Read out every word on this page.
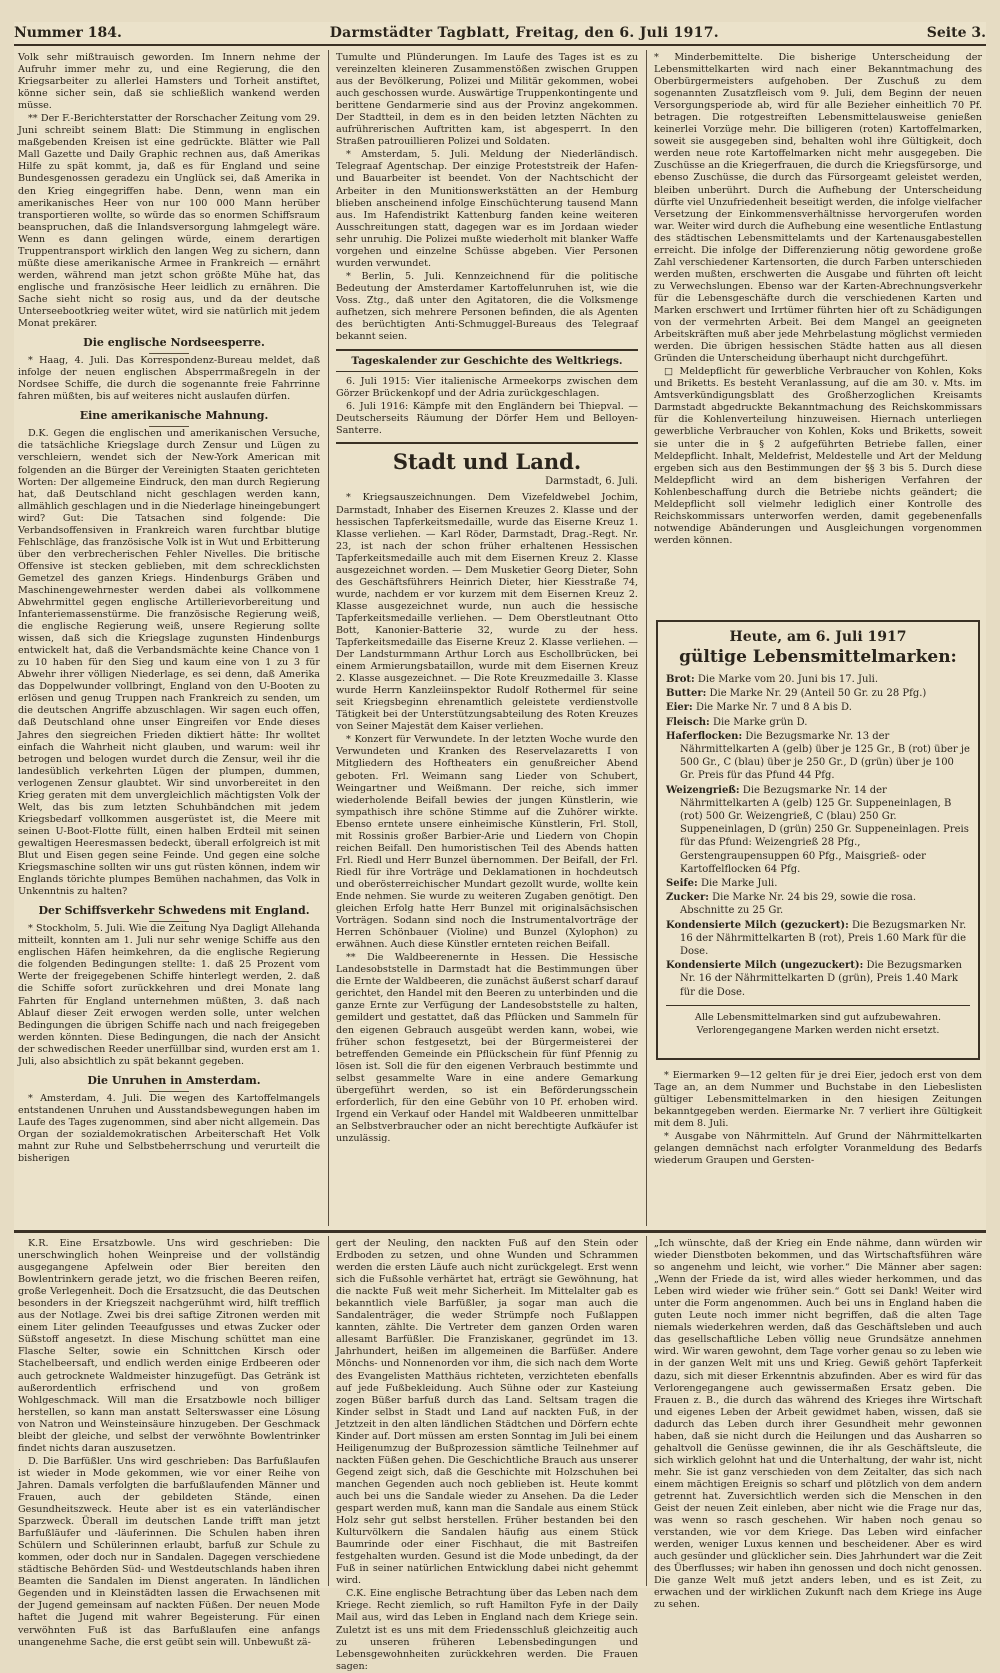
Nummer 184.	Darmstädter Tagblatt, Freitag, den 6. Juli 1917.	Seite 3.

Volk sehr mißtrauisch geworden. Im Innern nehme der Aufruhr immer mehr zu, und eine Regierung, die den Kriegsarbeiter zu allerlei Hamsters und Torheit anstiftet, könne sicher sein, daß sie schließlich wankend werden müsse.

** Der F.-Berichterstatter der Rorschacher Zeitung vom 29. Juni schreibt seinem Blatt: Die Stimmung in englischen maßgebenden Kreisen ist eine gedrückte. Blätter wie Pall Mall Gazette und Daily Graphic rechnen aus, daß Amerikas Hilfe zu spät kommt, ja, daß es für England und seine Bundesgenossen geradezu ein Unglück sei, daß Amerika in den Krieg eingegriffen habe. Denn, wenn man ein amerikanisches Heer von nur 100 000 Mann herüber transportieren wollte, so würde das so enormen Schiffsraum beanspruchen, daß die Inlandsversorgung lahmgelegt wäre. Wenn es dann gelingen würde, einem derartigen Truppentransport wirklich den langen Weg zu sichern, dann müßte diese amerikanische Armee in Frankreich — ernährt werden, während man jetzt schon größte Mühe hat, das englische und französische Heer leidlich zu ernähren. Die Sache sieht nicht so rosig aus, und da der deutsche Unterseebootkrieg weiter wütet, wird sie natürlich mit jedem Monat prekärer.

Die englische Nordseesperre.

* Haag, 4. Juli. Das Korrespondenz-Bureau meldet, daß infolge der neuen englischen Absperrmaßregeln in der Nordsee Schiffe, die durch die sogenannte freie Fahrrinne fahren müßten, bis auf weiteres nicht auslaufen dürfen.

Eine amerikanische Mahnung.

D.K. Gegen die englischen und amerikanischen Versuche, die tatsächliche Kriegslage durch Zensur und Lügen zu verschleiern, wendet sich der New-York American mit folgenden an die Bürger der Vereinigten Staaten gerichteten Worten: Der allgemeine Eindruck, den man durch Regierung hat, daß Deutschland nicht geschlagen werden kann, allmählich geschlagen und in die Niederlage hineingebungert wird? Gut: Die Tatsachen sind folgende: Die Verbandsoffensiven in Frankreich waren furchtbar blutige Fehlschläge, das französische Volk ist in Wut und Erbitterung über den verbrecherischen Fehler Nivelles. Die britische Offensive ist stecken geblieben, mit dem schrecklichsten Gemetzel des ganzen Kriegs. Hindenburgs Gräben und Maschinengewehrnester werden dabei als vollkommene Abwehrmittel gegen englische Artillerievorbereitung und Infanteriemassenstürme. Die französische Regierung weiß, die englische Regierung weiß, unsere Regierung sollte wissen, daß sich die Kriegslage zugunsten Hindenburgs entwickelt hat, daß die Verbandsmächte keine Chance von 1 zu 10 haben für den Sieg und kaum eine von 1 zu 3 für Abwehr ihrer völligen Niederlage, es sei denn, daß Amerika das Doppelwunder vollbringt, England von den U-Booten zu erlösen und genug Truppen nach Frankreich zu senden, um die deutschen Angriffe abzuschlagen. Wir sagen euch offen, daß Deutschland ohne unser Eingreifen vor Ende dieses Jahres den siegreichen Frieden diktiert hätte: Ihr wolltet einfach die Wahrheit nicht glauben, und warum: weil ihr betrogen und belogen wurdet durch die Zensur, weil ihr die landesüblich verkehrten Lügen der plumpen, dummen, verlogenen Zensur glaubtet. Wir sind unvorbereitet in den Krieg geraten mit dem unvergleichlich mächtigsten Volk der Welt, das bis zum letzten Schuhbändchen mit jedem Kriegsbedarf vollkommen ausgerüstet ist, die Meere mit seinen U-Boot-Flotte füllt, einen halben Erdteil mit seinen gewaltigen Heeresmassen bedeckt, überall erfolgreich ist mit Blut und Eisen gegen seine Feinde. Und gegen eine solche Kriegsmaschine sollten wir uns gut rüsten können, indem wir Englands törichte plumpes Bemühen nachahmen, das Volk in Unkenntnis zu halten?

Der Schiffsverkehr Schwedens mit England.

* Stockholm, 5. Juli. Wie die Zeitung Nya Dagligt Allehanda mitteilt, konnten am 1. Juli nur sehr wenige Schiffe aus den englischen Häfen heimkehren, da die englische Regierung die folgenden Bedingungen stellte: 1. daß 25 Prozent vom Werte der freigegebenen Schiffe hinterlegt werden, 2. daß die Schiffe sofort zurückkehren und drei Monate lang Fahrten für England unternehmen müßten, 3. daß nach Ablauf dieser Zeit erwogen werden solle, unter welchen Bedingungen die übrigen Schiffe nach und nach freigegeben werden könnten. Diese Bedingungen, die nach der Ansicht der schwedischen Reeder unerfüllbar sind, wurden erst am 1. Juli, also absichtlich zu spät bekannt gegeben.

Die Unruhen in Amsterdam.

* Amsterdam, 4. Juli. Die wegen des Kartoffelmangels entstandenen Unruhen und Ausstandsbewegungen haben im Laufe des Tages zugenommen, sind aber nicht allgemein. Das Organ der sozialdemokratischen Arbeiterschaft Het Volk mahnt zur Ruhe und Selbstbeherrschung und verurteilt die bisherigen

Tumulte und Plünderungen. Im Laufe des Tages ist es zu vereinzelten kleineren Zusammenstößen zwischen Gruppen aus der Bevölkerung, Polizei und Militär gekommen, wobei auch geschossen wurde. Auswärtige Truppenkontingente und berittene Gendarmerie sind aus der Provinz angekommen. Der Stadtteil, in dem es in den beiden letzten Nächten zu aufrührerischen Auftritten kam, ist abgesperrt. In den Straßen patrouillieren Polizei und Soldaten.

* Amsterdam, 5. Juli. Meldung der Niederländisch. Telegraaf Agentschap. Der einzige Proteststreik der Hafen- und Bauarbeiter ist beendet. Von der Nachtschicht der Arbeiter in den Munitionswerkstätten an der Hemburg blieben anscheinend infolge Einschüchterung tausend Mann aus. Im Hafendistrikt Kattenburg fanden keine weiteren Ausschreitungen statt, dagegen war es im Jordaan wieder sehr unruhig. Die Polizei mußte wiederholt mit blanker Waffe vorgehen und einzelne Schüsse abgeben. Vier Personen wurden verwundet.

* Berlin, 5. Juli. Kennzeichnend für die politische Bedeutung der Amsterdamer Kartoffelunruhen ist, wie die Voss. Ztg., daß unter den Agitatoren, die die Volksmenge aufhetzen, sich mehrere Personen befinden, die als Agenten des berüchtigten Anti-Schmuggel-Bureaus des Telegraaf bekannt seien.

Tageskalender zur Geschichte des Weltkriegs.

6. Juli 1915: Vier italienische Armeekorps zwischen dem Görzer Brückenkopf und der Adria zurückgeschlagen.

6. Juli 1916: Kämpfe mit den Engländern bei Thiepval. — Deutscherseits Räumung der Dörfer Hem und Belloyen-Santerre.

Stadt und Land.
Darmstadt, 6. Juli.

* Kriegsauszeichnungen. Dem Vizefeldwebel Jochim, Darmstadt, Inhaber des Eisernen Kreuzes 2. Klasse und der hessischen Tapferkeitsmedaille, wurde das Eiserne Kreuz 1. Klasse verliehen. — Karl Röder, Darmstadt, Drag.-Regt. Nr. 23, ist nach der schon früher erhaltenen Hessischen Tapferkeitsmedaille auch mit dem Eisernen Kreuz 2. Klasse ausgezeichnet worden. — Dem Musketier Georg Dieter, Sohn des Geschäftsführers Heinrich Dieter, hier Kiesstraße 74, wurde, nachdem er vor kurzem mit dem Eisernen Kreuz 2. Klasse ausgezeichnet wurde, nun auch die hessische Tapferkeitsmedaille verliehen. — Dem Oberstleutnant Otto Bott, Kanonier-Batterie 32, wurde zu der hess. Tapferkeitsmedaille das Eiserne Kreuz 2. Klasse verliehen. — Der Landsturmmann Arthur Lorch aus Eschollbrücken, bei einem Armierungsbataillon, wurde mit dem Eisernen Kreuz 2. Klasse ausgezeichnet. — Die Rote Kreuzmedaille 3. Klasse wurde Herrn Kanzleiinspektor Rudolf Rothermel für seine seit Kriegsbeginn ehrenamtlich geleistete verdienstvolle Tätigkeit bei der Unterstützungsabteilung des Roten Kreuzes von Seiner Majestät dem Kaiser verliehen.

* Konzert für Verwundete. In der letzten Woche wurde den Verwundeten und Kranken des Reservelazaretts I von Mitgliedern des Hoftheaters ein genußreicher Abend geboten. Frl. Weimann sang Lieder von Schubert, Weingartner und Weißmann. Der reiche, sich immer wiederholende Beifall bewies der jungen Künstlerin, wie sympathisch ihre schöne Stimme auf die Zuhörer wirkte. Ebenso erntete unsere einheimische Künstlerin, Frl. Stoll, mit Rossinis großer Barbier-Arie und Liedern von Chopin reichen Beifall. Den humoristischen Teil des Abends hatten Frl. Riedl und Herr Bunzel übernommen. Der Beifall, der Frl. Riedl für ihre Vorträge und Deklamationen in hochdeutsch und oberösterreichischer Mundart gezollt wurde, wollte kein Ende nehmen. Sie wurde zu weiteren Zugaben genötigt. Den gleichen Erfolg hatte Herr Bunzel mit originalsächsischen Vorträgen. Sodann sind noch die Instrumentalvorträge der Herren Schönbauer (Violine) und Bunzel (Xylophon) zu erwähnen. Auch diese Künstler ernteten reichen Beifall.

** Die Waldbeerenernte in Hessen. Die Hessische Landesobststelle in Darmstadt hat die Bestimmungen über die Ernte der Waldbeeren, die zunächst äußerst scharf darauf gerichtet, den Handel mit den Beeren zu unterbinden und die ganze Ernte zur Verfügung der Landesobststelle zu halten, gemildert und gestattet, daß das Pflücken und Sammeln für den eigenen Gebrauch ausgeübt werden kann, wobei, wie früher schon festgesetzt, bei der Bürgermeisterei der betreffenden Gemeinde ein Pflückschein für fünf Pfennig zu lösen ist. Soll die für den eigenen Verbrauch bestimmte und selbst gesammelte Ware in eine andere Gemarkung übergeführt werden, so ist ein Beförderungsschein erforderlich, für den eine Gebühr von 10 Pf. erhoben wird. Irgend ein Verkauf oder Handel mit Waldbeeren unmittelbar an Selbstverbraucher oder an nicht berechtigte Aufkäufer ist unzulässig.

* Minderbemittelte. Die bisherige Unterscheidung der Lebensmittelkarten wird nach einer Bekanntmachung des Oberbürgermeisters aufgehoben. Der Zuschuß zu dem sogenannten Zusatzfleisch vom 9. Juli, dem Beginn der neuen Versorgungsperiode ab, wird für alle Bezieher einheitlich 70 Pf. betragen. Die rotgestreiften Lebensmittelausweise genießen keinerlei Vorzüge mehr. Die billigeren (roten) Kartoffelmarken, soweit sie ausgegeben sind, behalten wohl ihre Gültigkeit, doch werden neue rote Kartoffelmarken nicht mehr ausgegeben. Die Zuschüsse an die Kriegerfrauen, die durch die Kriegsfürsorge, und ebenso Zuschüsse, die durch das Fürsorgeamt geleistet werden, bleiben unberührt. Durch die Aufhebung der Unterscheidung dürfte viel Unzufriedenheit beseitigt werden, die infolge vielfacher Versetzung der Einkommensverhältnisse hervorgerufen worden war. Weiter wird durch die Aufhebung eine wesentliche Entlastung des städtischen Lebensmittelamts und der Kartenausgabestellen erreicht. Die infolge der Differenzierung nötig gewordene große Zahl verschiedener Kartensorten, die durch Farben unterschieden werden mußten, erschwerten die Ausgabe und führten oft leicht zu Verwechslungen. Ebenso war der Karten-Abrechnungsverkehr für die Lebensgeschäfte durch die verschiedenen Karten und Marken erschwert und Irrtümer führten hier oft zu Schädigungen von der vermehrten Arbeit. Bei dem Mangel an geeigneten Arbeitskräften muß aber jede Mehrbelastung möglichst vermieden werden. Die übrigen hessischen Städte hatten aus all diesen Gründen die Unterscheidung überhaupt nicht durchgeführt.

□ Meldepflicht für gewerbliche Verbraucher von Kohlen, Koks und Briketts. Es besteht Veranlassung, auf die am 30. v. Mts. im Amtsverkündigungsblatt des Großherzoglichen Kreisamts Darmstadt abgedruckte Bekanntmachung des Reichskommissars für die Kohlenverteilung hinzuweisen. Hiernach unterliegen gewerbliche Verbraucher von Kohlen, Koks und Briketts, soweit sie unter die in § 2 aufgeführten Betriebe fallen, einer Meldepflicht. Inhalt, Meldefrist, Meldestelle und Art der Meldung ergeben sich aus den Bestimmungen der §§ 3 bis 5. Durch diese Meldepflicht wird an dem bisherigen Verfahren der Kohlenbeschaffung durch die Betriebe nichts geändert; die Meldepflicht soll vielmehr lediglich einer Kontrolle des Reichskommissars unterworfen werden, damit gegebenenfalls notwendige Abänderungen und Ausgleichungen vorgenommen werden können.

Heute, am 6. Juli 1917
gültige Lebensmittelmarken:
Brot: Die Marke vom 20. Juni bis 17. Juli.
Butter: Die Marke Nr. 29 (Anteil 50 Gr. zu 28 Pfg.)
Eier: Die Marke Nr. 7 und 8 A bis D.
Fleisch: Die Marke grün D.
Haferflocken: Die Bezugsmarke Nr. 13 der Nährmittelkarten A (gelb) über je 125 Gr., B (rot) über je 500 Gr., C (blau) über je 250 Gr., D (grün) über je 100 Gr. Preis für das Pfund 44 Pfg.
Weizengrieß: Die Bezugsmarke Nr. 14 der Nährmittelkarten A (gelb) 125 Gr. Suppeneinlagen, B (rot) 500 Gr. Weizengrieß, C (blau) 250 Gr. Suppeneinlagen, D (grün) 250 Gr. Suppeneinlagen. Preis für das Pfund: Weizengrieß 28 Pfg., Gerstengraupensuppen 60 Pfg., Maisgrieß- oder Kartoffelflocken 64 Pfg.
Seife: Die Marke Juli.
Zucker: Die Marke Nr. 24 bis 29, sowie die rosa. Abschnitte zu 25 Gr.
Kondensierte Milch (gezuckert): Die Bezugsmarken Nr. 16 der Nährmittelkarten B (rot), Preis 1.60 Mark für die Dose.
Kondensierte Milch (ungezuckert): Die Bezugsmarken Nr. 16 der Nährmittelkarten D (grün), Preis 1.40 Mark für die Dose.
Alle Lebensmittelmarken sind gut aufzubewahren.
Verlorengegangene Marken werden nicht ersetzt.

* Eiermarken 9—12 gelten für je drei Eier, jedoch erst von dem Tage an, an dem Nummer und Buchstabe in den Liebeslisten gültiger Lebensmittelmarken in den hiesigen Zeitungen bekanntgegeben werden. Eiermarke Nr. 7 verliert ihre Gültigkeit mit dem 8. Juli.

* Ausgabe von Nährmitteln. Auf Grund der Nährmittelkarten gelangen demnächst nach erfolgter Voranmeldung des Bedarfs wiederum Graupen und Gersten-

K.R. Eine Ersatzbowle. Uns wird geschrieben: Die unerschwinglich hohen Weinpreise und der vollständig ausgegangene Apfelwein oder Bier bereiten den Bowlentrinkern gerade jetzt, wo die frischen Beeren reifen, große Verlegenheit. Doch die Ersatzsucht, die das Deutschen besonders in der Kriegszeit nachgerühmt wird, hilft trefflich aus der Notlage. Zwei bis drei saftige Zitronen werden mit einem Liter gelinden Teeaufgusses und etwas Zucker oder Süßstoff angesetzt. In diese Mischung schüttet man eine Flasche Selter, sowie ein Schnittchen Kirsch oder Stachelbeersaft, und endlich werden einige Erdbeeren oder auch getrocknete Waldmeister hinzugefügt. Das Getränk ist außerordentlich erfrischend und von großem Wohlgeschmack. Will man die Ersatzbowle noch billiger herstellen, so kann man anstatt Selterswasser eine Lösung von Natron und Weinsteinsäure hinzugeben. Der Geschmack bleibt der gleiche, und selbst der verwöhnte Bowlentrinker findet nichts daran auszusetzen.

D. Die Barfüßler. Uns wird geschrieben: Das Barfußlaufen ist wieder in Mode gekommen, wie vor einer Reihe von Jahren. Damals verfolgten die barfußlaufenden Männer und Frauen, auch der gebildeten Stände, einen Gesundheitszweck. Heute aber ist es ein vaterländischer Sparzweck. Überall im deutschen Lande trifft man jetzt Barfußläufer und -läuferinnen. Die Schulen haben ihren Schülern und Schülerinnen erlaubt, barfuß zur Schule zu kommen, oder doch nur in Sandalen. Dagegen verschiedene städtische Behörden Süd- und Westdeutschlands haben ihren Beamten die Sandalen im Dienst angeraten. In ländlichen Gegenden und in Kleinstädten lassen die Erwachsenen mit der Jugend gemeinsam auf nackten Füßen. Der neuen Mode haftet die Jugend mit wahrer Begeisterung. Für einen verwöhnten Fuß ist das Barfußlaufen eine anfangs unangenehme Sache, die erst geübt sein will. Unbewußt zä-

gert der Neuling, den nackten Fuß auf den Stein oder Erdboden zu setzen, und ohne Wunden und Schrammen werden die ersten Läufe auch nicht zurückgelegt. Erst wenn sich die Fußsohle verhärtet hat, erträgt sie Gewöhnung, hat die nackte Fuß weit mehr Sicherheit. Im Mittelalter gab es bekanntlich viele Barfüßler, ja sogar man auch die Sandalenträger, die weder Strümpfe noch Fußlappen kannten, zählte. Die Vertreter dem ganzen Orden waren allesamt Barfüßler. Die Franziskaner, gegründet im 13. Jahrhundert, heißen im allgemeinen die Barfüßer. Andere Mönchs- und Nonnenorden vor ihm, die sich nach dem Worte des Evangelisten Matthäus richteten, verzichteten ebenfalls auf jede Fußbekleidung. Auch Sühne oder zur Kasteiung zogen Büßer barfuß durch das Land. Seltsam tragen die Kinder selbst in Stadt und Land auf nackten Fuß, in der Jetztzeit in den alten ländlichen Städtchen und Dörfern echte Kinder auf. Dort müssen am ersten Sonntag im Juli bei einem Heiligenumzug der Bußprozession sämtliche Teilnehmer auf nackten Füßen gehen. Die Geschichtliche Brauch aus unserer Gegend zeigt sich, daß die Geschichte mit Holzschuhen bei manchen Gegenden auch noch geblieben ist. Heute kommt auch bei uns die Sandale wieder zu Ansehen. Da die Leder gespart werden muß, kann man die Sandale aus einem Stück Holz sehr gut selbst herstellen. Früher bestanden bei den Kulturvölkern die Sandalen häufig aus einem Stück Baumrinde oder einer Fischhaut, die mit Bastreifen festgehalten wurden. Gesund ist die Mode unbedingt, da der Fuß in seiner natürlichen Entwicklung dabei nicht gehemmt wird.

C.K. Eine englische Betrachtung über das Leben nach dem Kriege. Recht ziemlich, so ruft Hamilton Fyfe in der Daily Mail aus, wird das Leben in England nach dem Kriege sein. Zuletzt ist es uns mit dem Friedensschluß gleichzeitig auch zu unseren früheren Lebensbedingungen und Lebensgewohnheiten zurückkehren werden. Die Frauen sagen:

„Ich wünschte, daß der Krieg ein Ende nähme, dann würden wir wieder Dienstboten bekommen, und das Wirtschaftsführen wäre so angenehm und leicht, wie vorher.“ Die Männer aber sagen: „Wenn der Friede da ist, wird alles wieder herkommen, und das Leben wird wieder wie früher sein.“ Gott sei Dank! Weiter wird unter die Form angenommen. Auch bei uns in England haben die guten Leute noch immer nicht begriffen, daß die alten Tage niemals wiederkehren werden, daß das Geschäftsleben und auch das gesellschaftliche Leben völlig neue Grundsätze annehmen wird. Wir waren gewohnt, dem Tage vorher genau so zu leben wie in der ganzen Welt mit uns und Krieg. Gewiß gehört Tapferkeit dazu, sich mit dieser Erkenntnis abzufinden. Aber es wird für das Verlorengegangene auch gewissermaßen Ersatz geben. Die Frauen z. B., die durch das während des Krieges ihre Wirtschaft und eigenes Leben der Arbeit gewidmet haben, wissen, daß sie dadurch das Leben durch ihrer Gesundheit mehr gewonnen haben, daß sie nicht durch die Heilungen und das Ausharren so gehaltvoll die Genüsse gewinnen, die ihr als Geschäftsleute, die sich wirklich gelohnt hat und die Unterhaltung, der wahr ist, nicht mehr. Sie ist ganz verschieden von dem Zeitalter, das sich nach einem mächtigen Ereignis so scharf und plötzlich von dem andern getrennt hat. Zuversichtlich werden sich die Menschen in den Geist der neuen Zeit einleben, aber nicht wie die Frage nur das, was wenn so rasch geschehen. Wir haben noch genau so verstanden, wie vor dem Kriege. Das Leben wird einfacher werden, weniger Luxus kennen und bescheidener. Aber es wird auch gesünder und glücklicher sein. Dies Jahrhundert war die Zeit des Überflusses; wir haben ihn genossen und doch nicht genossen. Die ganze Welt muß jetzt anders leben, und es ist Zeit, zu erwachen und der wirklichen Zukunft nach dem Kriege ins Auge zu sehen.
